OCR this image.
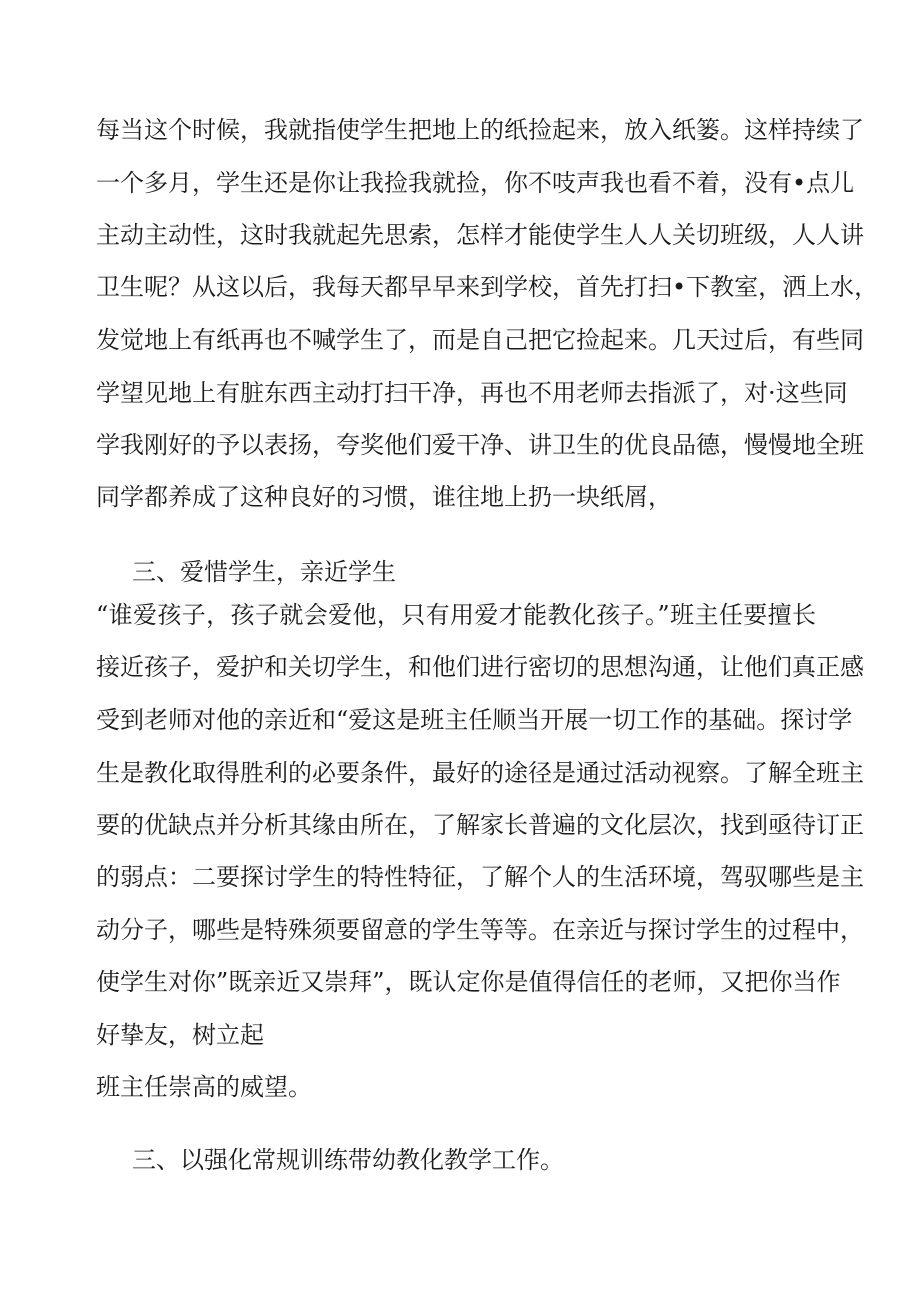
每当这个时候，我就指使学生把地上的纸捡起来，放入纸篓。这样持续了
一个多月，学生还是你让我捡我就捡，你不吱声我也看不着，没有•点儿
主动主动性，这时我就起先思索，怎样才能使学生人人关切班级，人人讲
卫生呢？从这以后，我每天都早早来到学校，首先打扫•下教室，洒上水，
发觉地上有纸再也不喊学生了，而是自己把它捡起来。几天过后，有些同
学望见地上有脏东西主动打扫干净，再也不用老师去指派了，对·这些同
学我刚好的予以表扬，夸奖他们爱干净、讲卫生的优良品德，慢慢地全班
同学都养成了这种良好的习惯，谁往地上扔一块纸屑，
三、爱惜学生，亲近学生
“谁爱孩子，孩子就会爱他，只有用爱才能教化孩子。”班主任要擅长
接近孩子，爱护和关切学生，和他们进行密切的思想沟通，让他们真正感
受到老师对他的亲近和“爱这是班主任顺当开展一切工作的基础。探讨学
生是教化取得胜利的必要条件，最好的途径是通过活动视察。了解全班主
要的优缺点并分析其缘由所在，了解家长普遍的文化层次，找到亟待订正
的弱点：二要探讨学生的特性特征，了解个人的生活环境，驾驭哪些是主
动分子，哪些是特殊须要留意的学生等等。在亲近与探讨学生的过程中，
使学生对你”既亲近又崇拜”，既认定你是值得信任的老师，又把你当作
好挚友，树立起
班主任崇高的威望。
三、以强化常规训练带幼教化教学工作。
